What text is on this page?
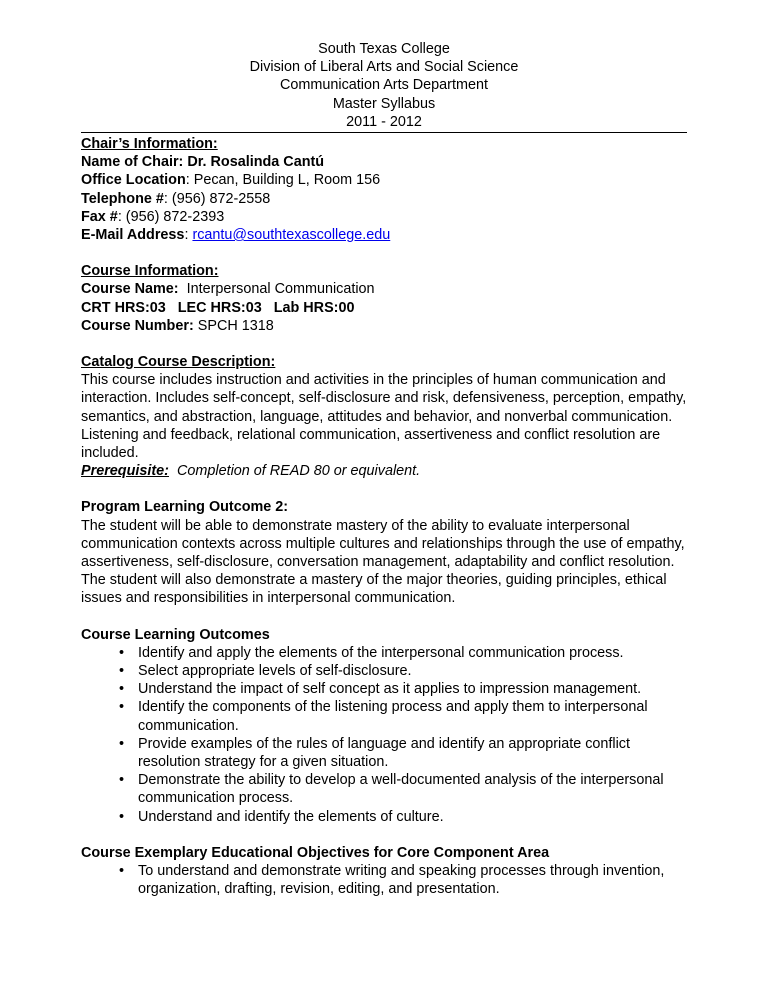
South Texas College
Division of Liberal Arts and Social Science
Communication Arts Department
Master Syllabus
2011 - 2012
Chair’s Information:
Name of Chair: Dr. Rosalinda Cantú
Office Location: Pecan, Building L, Room 156
Telephone #: (956) 872-2558
Fax #: (956) 872-2393
E-Mail Address: rcantu@southtexascollege.edu
Course Information:
Course Name:  Interpersonal Communication
CRT HRS:03   LEC HRS:03   Lab HRS:00
Course Number: SPCH 1318
Catalog Course Description:
This course includes instruction and activities in the principles of human communication and
interaction. Includes self-concept, self-disclosure and risk, defensiveness, perception, empathy,
semantics, and abstraction, language, attitudes and behavior, and nonverbal communication.
Listening and feedback, relational communication, assertiveness and conflict resolution are
included.
Prerequisite:  Completion of READ 80 or equivalent.
Program Learning Outcome 2:
The student will be able to demonstrate mastery of the ability to evaluate interpersonal
communication contexts across multiple cultures and relationships through the use of empathy,
assertiveness, self-disclosure, conversation management, adaptability and conflict resolution.
The student will also demonstrate a mastery of the major theories, guiding principles, ethical
issues and responsibilities in interpersonal communication.
Course Learning Outcomes
• Identify and apply the elements of the interpersonal communication process.
• Select appropriate levels of self-disclosure.
• Understand the impact of self concept as it applies to impression management.
• Identify the components of the listening process and apply them to interpersonal
communication.
• Provide examples of the rules of language and identify an appropriate conflict
resolution strategy for a given situation.
• Demonstrate the ability to develop a well-documented analysis of the interpersonal
communication process.
• Understand and identify the elements of culture.
Course Exemplary Educational Objectives for Core Component Area
• To understand and demonstrate writing and speaking processes through invention,
organization, drafting, revision, editing, and presentation.
